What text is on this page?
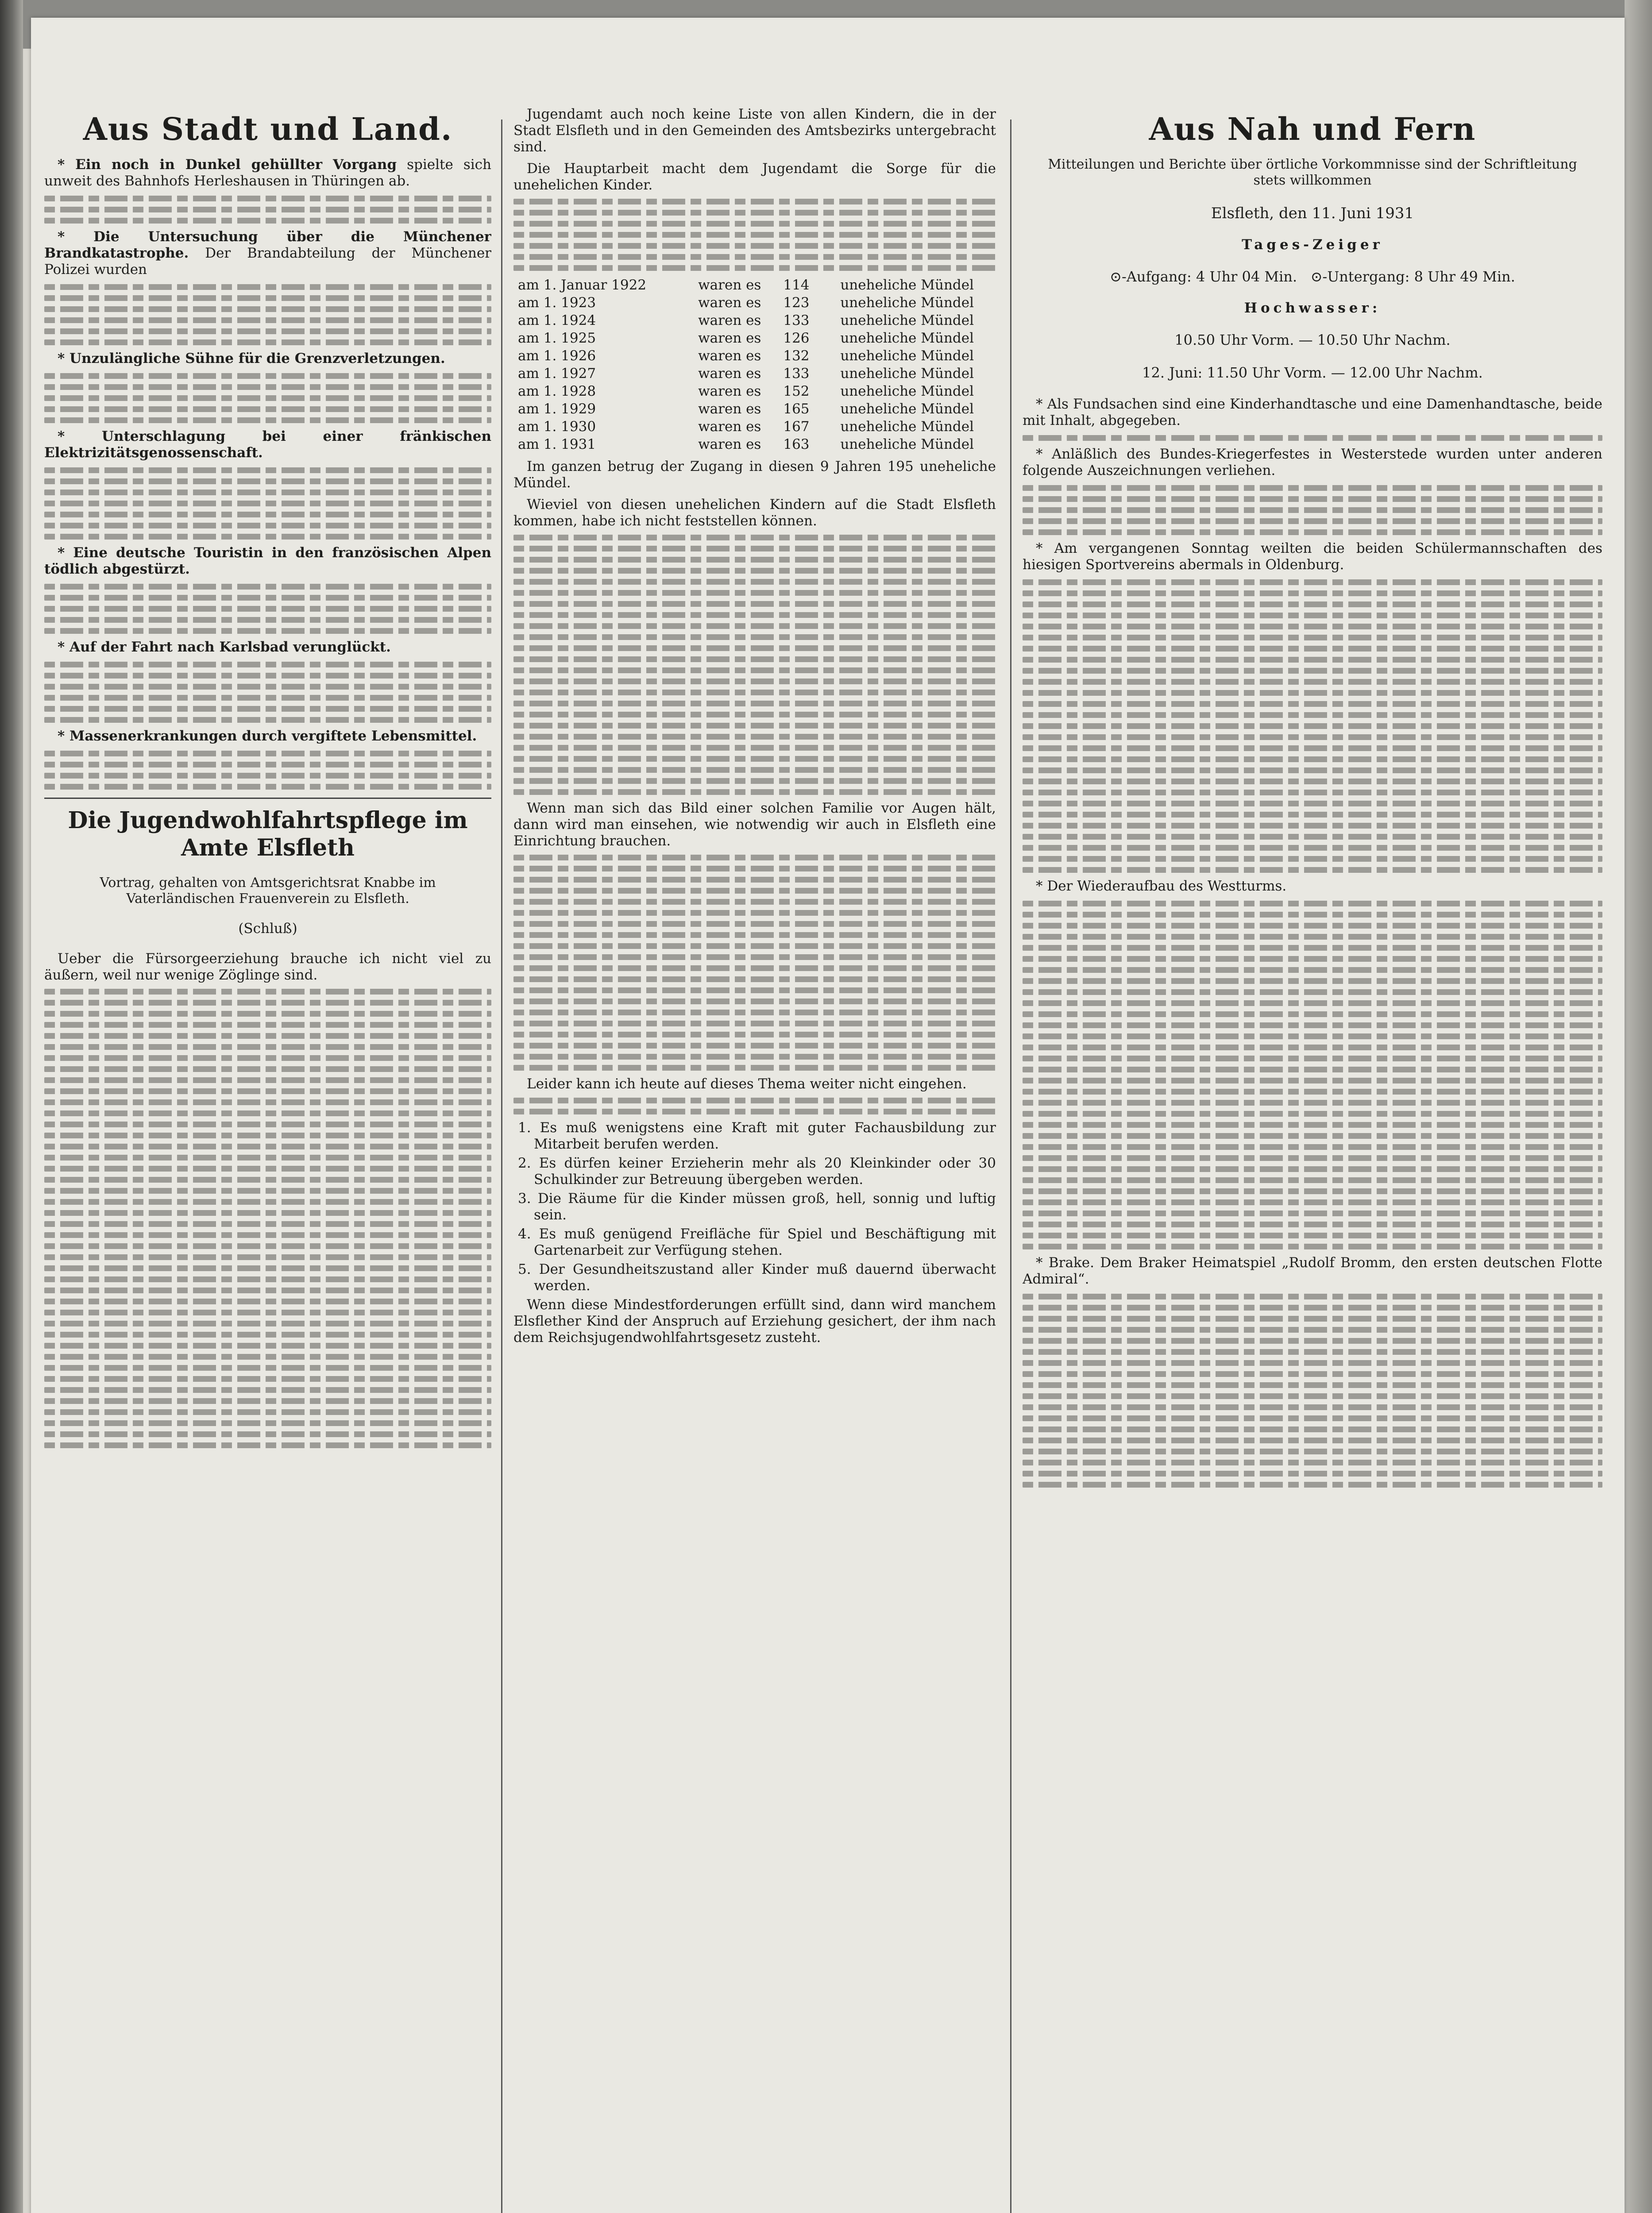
Aus Stadt und Land.

* Ein noch in Dunkel gehüllter Vorgang spielte sich unweit des Bahnhofs Herleshausen in Thüringen ab.

* Die Untersuchung über die Münchener Brandkatastrophe. Der Brandabteilung der Münchener Polizei wurden

* Unzulängliche Sühne für die Grenzverletzungen.

* Unterschlagung bei einer fränkischen Elektrizitätsgenossenschaft.

* Eine deutsche Touristin in den französischen Alpen tödlich abgestürzt.

* Auf der Fahrt nach Karlsbad verunglückt.

* Massenerkrankungen durch vergiftete Lebensmittel.

Die Jugendwohlfahrtspflege im Amte Elsfleth

Vortrag, gehalten von Amtsgerichtsrat Knabbe im Vaterländischen Frauenverein zu Elsfleth.

(Schluß)

Ueber die Fürsorgeerziehung brauche ich nicht viel zu äußern, weil nur wenige Zöglinge sind.

Jugendamt auch noch keine Liste von allen Kindern, die in der Stadt Elsfleth und in den Gemeinden des Amtsbezirks untergebracht sind.

Die Hauptarbeit macht dem Jugendamt die Sorge für die unehelichen Kinder.

am 1. Januar 1922	waren es	114	uneheliche Mündel
am 1. 1923	waren es	123	uneheliche Mündel
am 1. 1924	waren es	133	uneheliche Mündel
am 1. 1925	waren es	126	uneheliche Mündel
am 1. 1926	waren es	132	uneheliche Mündel
am 1. 1927	waren es	133	uneheliche Mündel
am 1. 1928	waren es	152	uneheliche Mündel
am 1. 1929	waren es	165	uneheliche Mündel
am 1. 1930	waren es	167	uneheliche Mündel
am 1. 1931	waren es	163	uneheliche Mündel

Im ganzen betrug der Zugang in diesen 9 Jahren 195 uneheliche Mündel.

Wieviel von diesen unehelichen Kindern auf die Stadt Elsfleth kommen, habe ich nicht feststellen können.

Wenn man sich das Bild einer solchen Familie vor Augen hält, dann wird man einsehen, wie notwendig wir auch in Elsfleth eine Einrichtung brauchen.

Leider kann ich heute auf dieses Thema weiter nicht eingehen.

1. Es muß wenigstens eine Kraft mit guter Fachausbildung zur Mitarbeit berufen werden.

2. Es dürfen keiner Erzieherin mehr als 20 Kleinkinder oder 30 Schulkinder zur Betreuung übergeben werden.

3. Die Räume für die Kinder müssen groß, hell, sonnig und luftig sein.

4. Es muß genügend Freifläche für Spiel und Beschäftigung mit Gartenarbeit zur Verfügung stehen.

5. Der Gesundheitszustand aller Kinder muß dauernd überwacht werden.

Wenn diese Mindestforderungen erfüllt sind, dann wird manchem Elsflether Kind der Anspruch auf Erziehung gesichert, der ihm nach dem Reichsjugendwohlfahrtsgesetz zusteht.

Aus Nah und Fern

Mitteilungen und Berichte über örtliche Vorkommnisse sind der Schriftleitung stets willkommen

Elsfleth, den 11. Juni 1931

Tages-Zeiger

⊙-Aufgang: 4 Uhr 04 Min. ⊙-Untergang: 8 Uhr 49 Min.

Hochwasser:

10.50 Uhr Vorm. — 10.50 Uhr Nachm.

12. Juni: 11.50 Uhr Vorm. — 12.00 Uhr Nachm.

* Als Fundsachen sind eine Kinderhandtasche und eine Damenhandtasche, beide mit Inhalt, abgegeben.

* Anläßlich des Bundes-Kriegerfestes in Westerstede wurden unter anderen folgende Auszeichnungen verliehen.

* Am vergangenen Sonntag weilten die beiden Schülermannschaften des hiesigen Sportvereins abermals in Oldenburg.

* Der Wiederaufbau des Westturms.

* Brake. Dem Braker Heimatspiel „Rudolf Bromm, den ersten deutschen Flotte Admiral“.
